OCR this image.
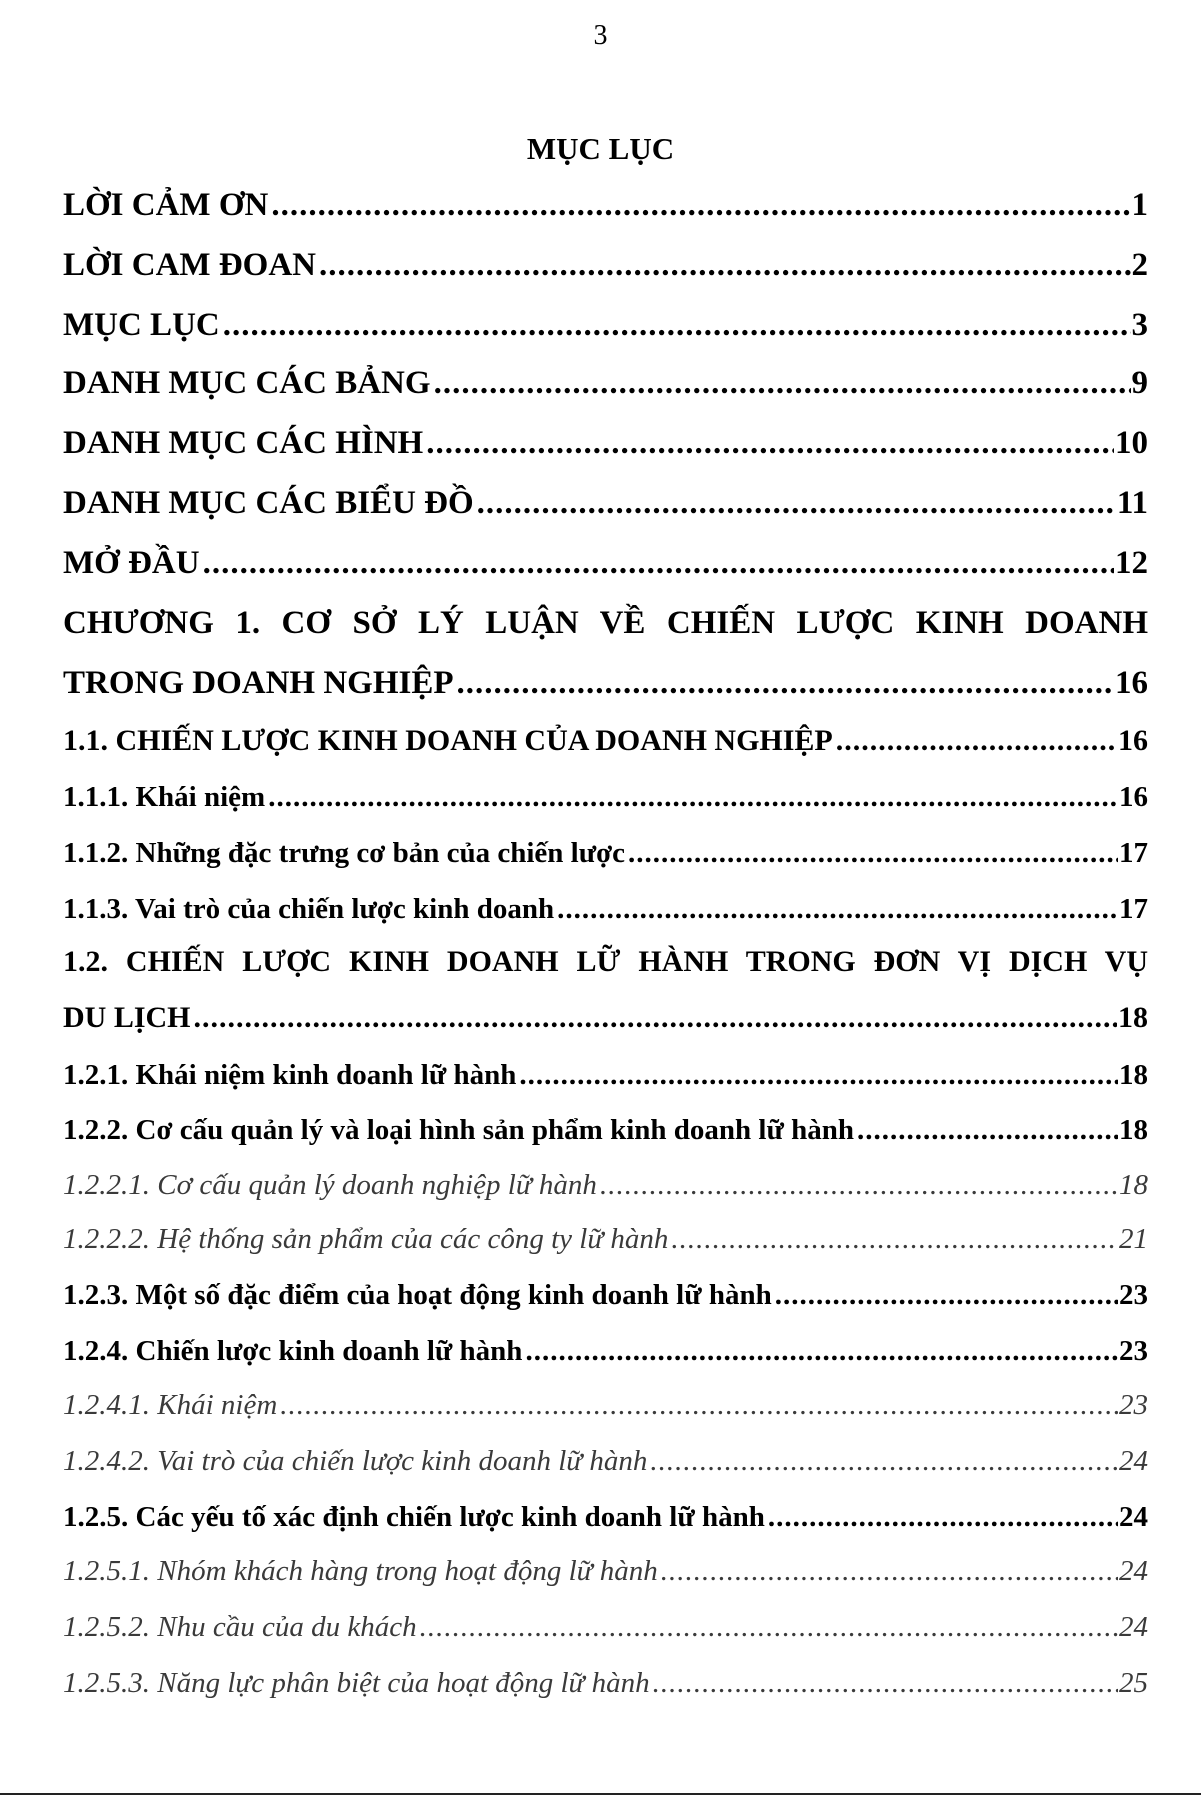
3
MỤC LỤC
LỜI CẢM ƠN .....	1
LỜI CAM ĐOAN .....	2
MỤC LỤC .....	3
DANH MỤC CÁC BẢNG .....	9
DANH MỤC CÁC HÌNH .....	10
DANH MỤC CÁC BIỂU ĐỒ .....	11
MỞ ĐẦU .....	12
CHƯƠNG 1. CƠ SỞ LÝ LUẬN VỀ CHIẾN LƯỢC KINH DOANH
TRONG DOANH NGHIỆP .....	16
1.1. CHIẾN LƯỢC KINH DOANH CỦA DOANH NGHIỆP .....	16
1.1.1. Khái niệm .....	16
1.1.2. Những đặc trưng cơ bản của chiến lược .....	17
1.1.3. Vai trò của chiến lược kinh doanh .....	17
1.2. CHIẾN LƯỢC KINH DOANH LỮ HÀNH TRONG ĐƠN VỊ DỊCH VỤ
DU LỊCH .....	18
1.2.1. Khái niệm kinh doanh lữ hành .....	18
1.2.2. Cơ cấu quản lý và loại hình sản phẩm kinh doanh lữ hành .....	18
1.2.2.1. Cơ cấu quản lý doanh nghiệp lữ hành .....	18
1.2.2.2. Hệ thống sản phẩm của các công ty lữ hành .....	21
1.2.3. Một số đặc điểm của hoạt động kinh doanh lữ hành .....	23
1.2.4. Chiến lược kinh doanh lữ hành .....	23
1.2.4.1. Khái niệm .....	23
1.2.4.2. Vai trò của chiến lược kinh doanh lữ hành .....	24
1.2.5. Các yếu tố xác định chiến lược kinh doanh lữ hành .....	24
1.2.5.1. Nhóm khách hàng trong hoạt động lữ hành .....	24
1.2.5.2. Nhu cầu của du khách .....	24
1.2.5.3. Năng lực phân biệt của hoạt động lữ hành .....	25
